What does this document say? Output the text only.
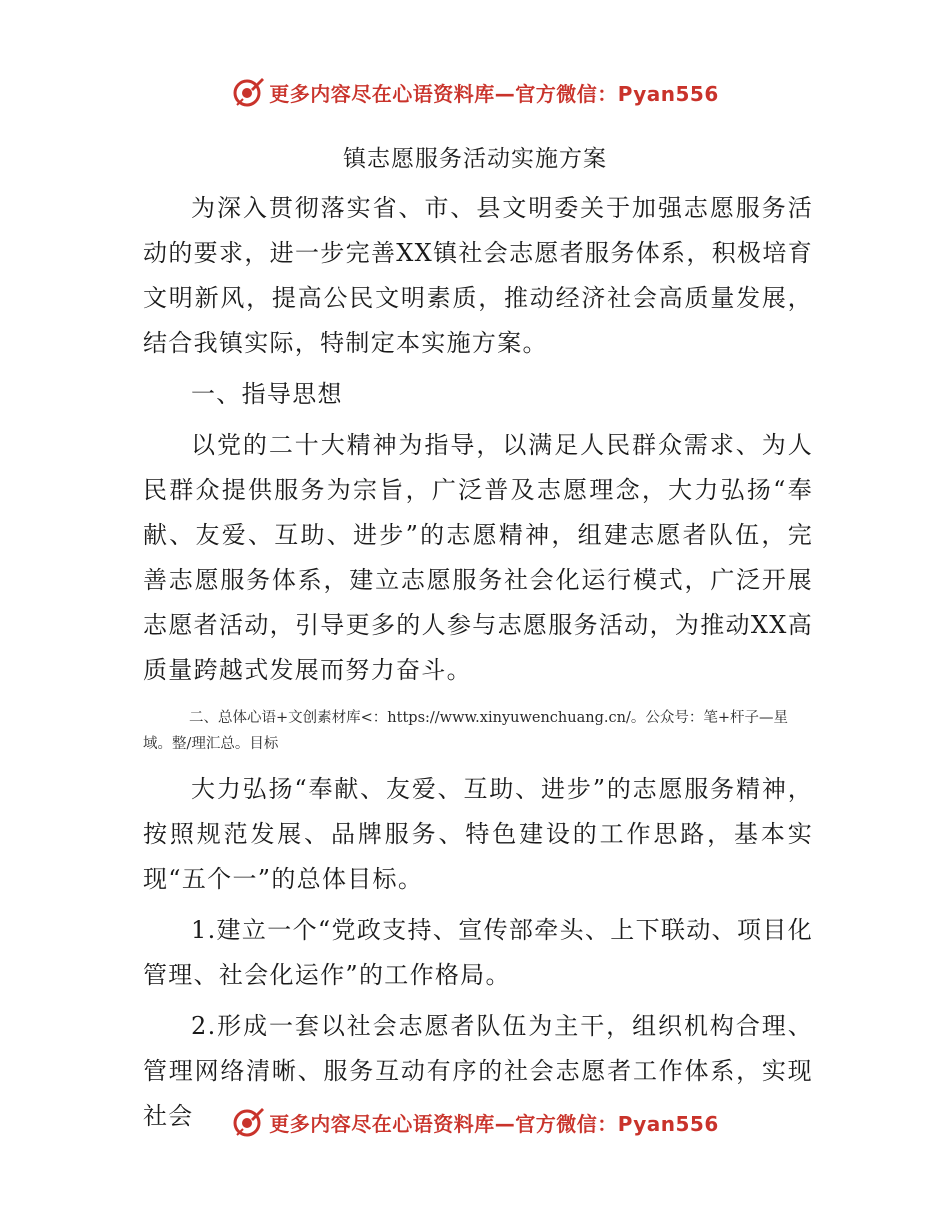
更多内容尽在心语资料库—官方微信：Pyan556
镇志愿服务活动实施方案

为深入贯彻落实省、市、县文明委关于加强志愿服务活动的要求，进一步完善XX镇社会志愿者服务体系，积极培育文明新风，提高公民文明素质，推动经济社会高质量发展，结合我镇实际，特制定本实施方案。

一、指导思想

以党的二十大精神为指导，以满足人民群众需求、为人民群众提供服务为宗旨，广泛普及志愿理念，大力弘扬“奉献、友爱、互助、进步”的志愿精神，组建志愿者队伍，完善志愿服务体系，建立志愿服务社会化运行模式，广泛开展志愿者活动，引导更多的人参与志愿服务活动，为推动XX高质量跨越式发展而努力奋斗。

二、总体心语+文创素材库<：https://www.xinyuwenchuang.cn/。公众号：笔+杆子—星域。整/理汇总。目标

大力弘扬“奉献、友爱、互助、进步”的志愿服务精神，按照规范发展、品牌服务、特色建设的工作思路，基本实现“五个一”的总体目标。

1.建立一个“党政支持、宣传部牵头、上下联动、项目化管理、社会化运作”的工作格局。

2.形成一套以社会志愿者队伍为主干，组织机构合理、管理网络清晰、服务互动有序的社会志愿者工作体系，实现社会	更多内容尽在心语资料库—官方微信：Pyan556
